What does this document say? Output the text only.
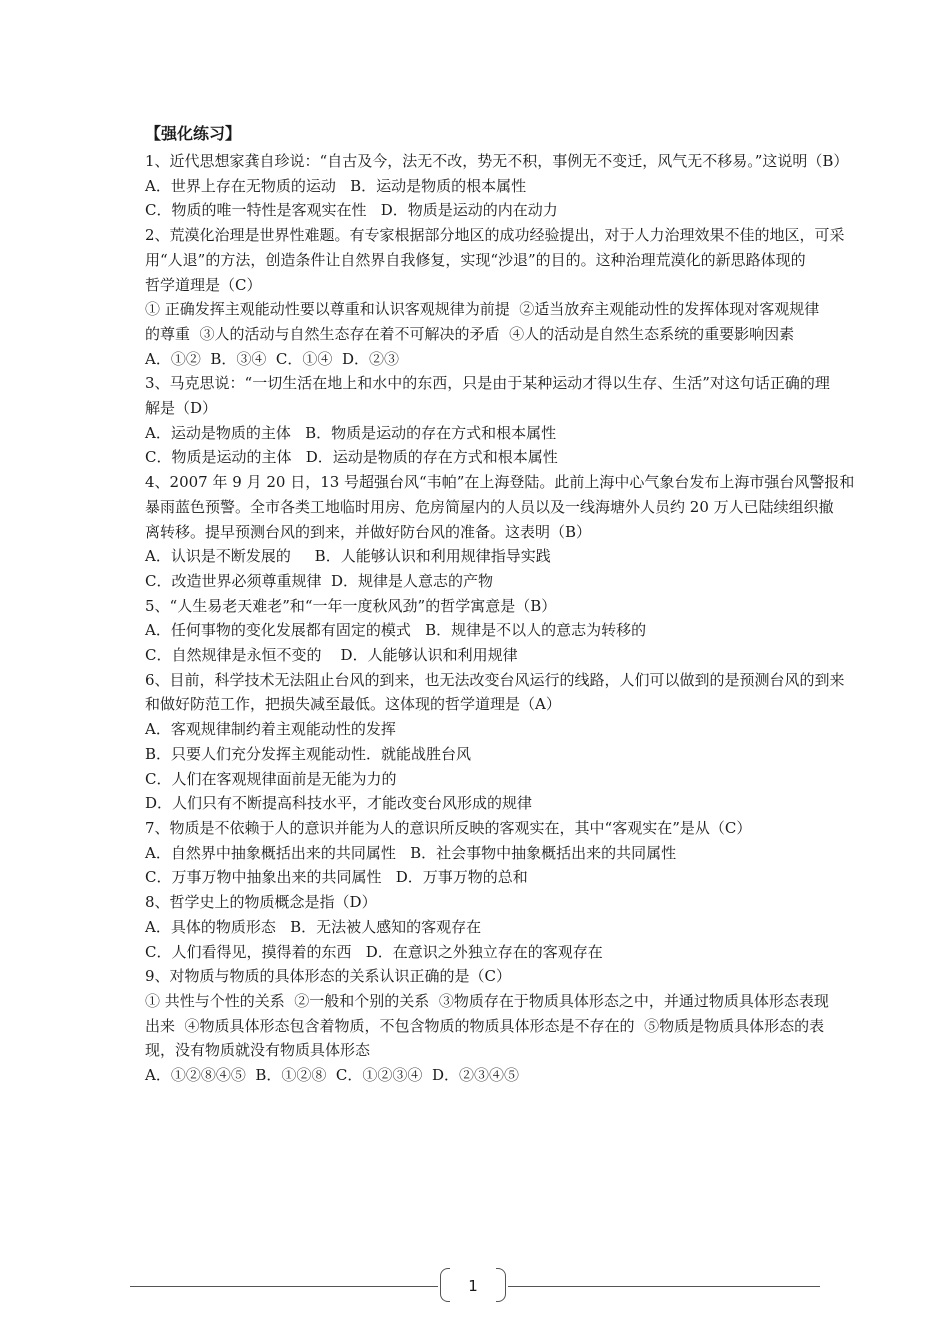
【强化练习】
1、近代思想家龚自珍说：“自古及今，法无不改，势无不积，事例无不变迁，风气无不移易。”这说明（B）
A．世界上存在无物质的运动   B．运动是物质的根本属性
C．物质的唯一特性是客观实在性   D．物质是运动的内在动力
2、荒漠化治理是世界性难题。有专家根据部分地区的成功经验提出，对于人力治理效果不佳的地区，可采
用“人退”的方法，创造条件让自然界自我修复，实现“沙退”的目的。这种治理荒漠化的新思路体现的
哲学道理是（C）
① 正确发挥主观能动性要以尊重和认识客观规律为前提  ②适当放弃主观能动性的发挥体现对客观规律
的尊重  ③人的活动与自然生态存在着不可解决的矛盾  ④人的活动是自然生态系统的重要影响因素
A．①②  B．③④  C．①④  D．②③
3、马克思说：“一切生活在地上和水中的东西，只是由于某种运动才得以生存、生活”对这句话正确的理
解是（D）
A．运动是物质的主体   B．物质是运动的存在方式和根本属性
C．物质是运动的主体   D．运动是物质的存在方式和根本属性
4、2007 年 9 月 20 日，13 号超强台风“韦帕”在上海登陆。此前上海中心气象台发布上海市强台风警报和
暴雨蓝色预警。全市各类工地临时用房、危房简屋内的人员以及一线海塘外人员约 20 万人已陆续组织撤
离转移。提早预测台风的到来，并做好防台风的准备。这表明（B）
A．认识是不断发展的     B．人能够认识和利用规律指导实践
C．改造世界必须尊重规律  D．规律是人意志的产物
5、“人生易老天难老”和“一年一度秋风劲”的哲学寓意是（B）
A．任何事物的变化发展都有固定的模式   B．规律是不以人的意志为转移的
C．自然规律是永恒不变的    D．人能够认识和利用规律
6、目前，科学技术无法阻止台风的到来，也无法改变台风运行的线路，人们可以做到的是预测台风的到来
和做好防范工作，把损失减至最低。这体现的哲学道理是（A）
A．客观规律制约着主观能动性的发挥
B．只要人们充分发挥主观能动性．就能战胜台风
C．人们在客观规律面前是无能为力的
D．人们只有不断提高科技水平，才能改变台风形成的规律
7、物质是不依赖于人的意识并能为人的意识所反映的客观实在，其中“客观实在”是从（C）
A．自然界中抽象概括出来的共同属性   B．社会事物中抽象概括出来的共同属性
C．万事万物中抽象出来的共同属性   D．万事万物的总和
8、哲学史上的物质概念是指（D）
A．具体的物质形态   B．无法被人感知的客观存在
C．人们看得见，摸得着的东西   D．在意识之外独立存在的客观存在
9、对物质与物质的具体形态的关系认识正确的是（C）
① 共性与个性的关系  ②一般和个别的关系  ③物质存在于物质具体形态之中，并通过物质具体形态表现
出来  ④物质具体形态包含着物质，不包含物质的物质具体形态是不存在的  ⑤物质是物质具体形态的表
现，没有物质就没有物质具体形态
A．①②⑧④⑤  B．①②⑧  C．①②③④  D．②③④⑤
1
